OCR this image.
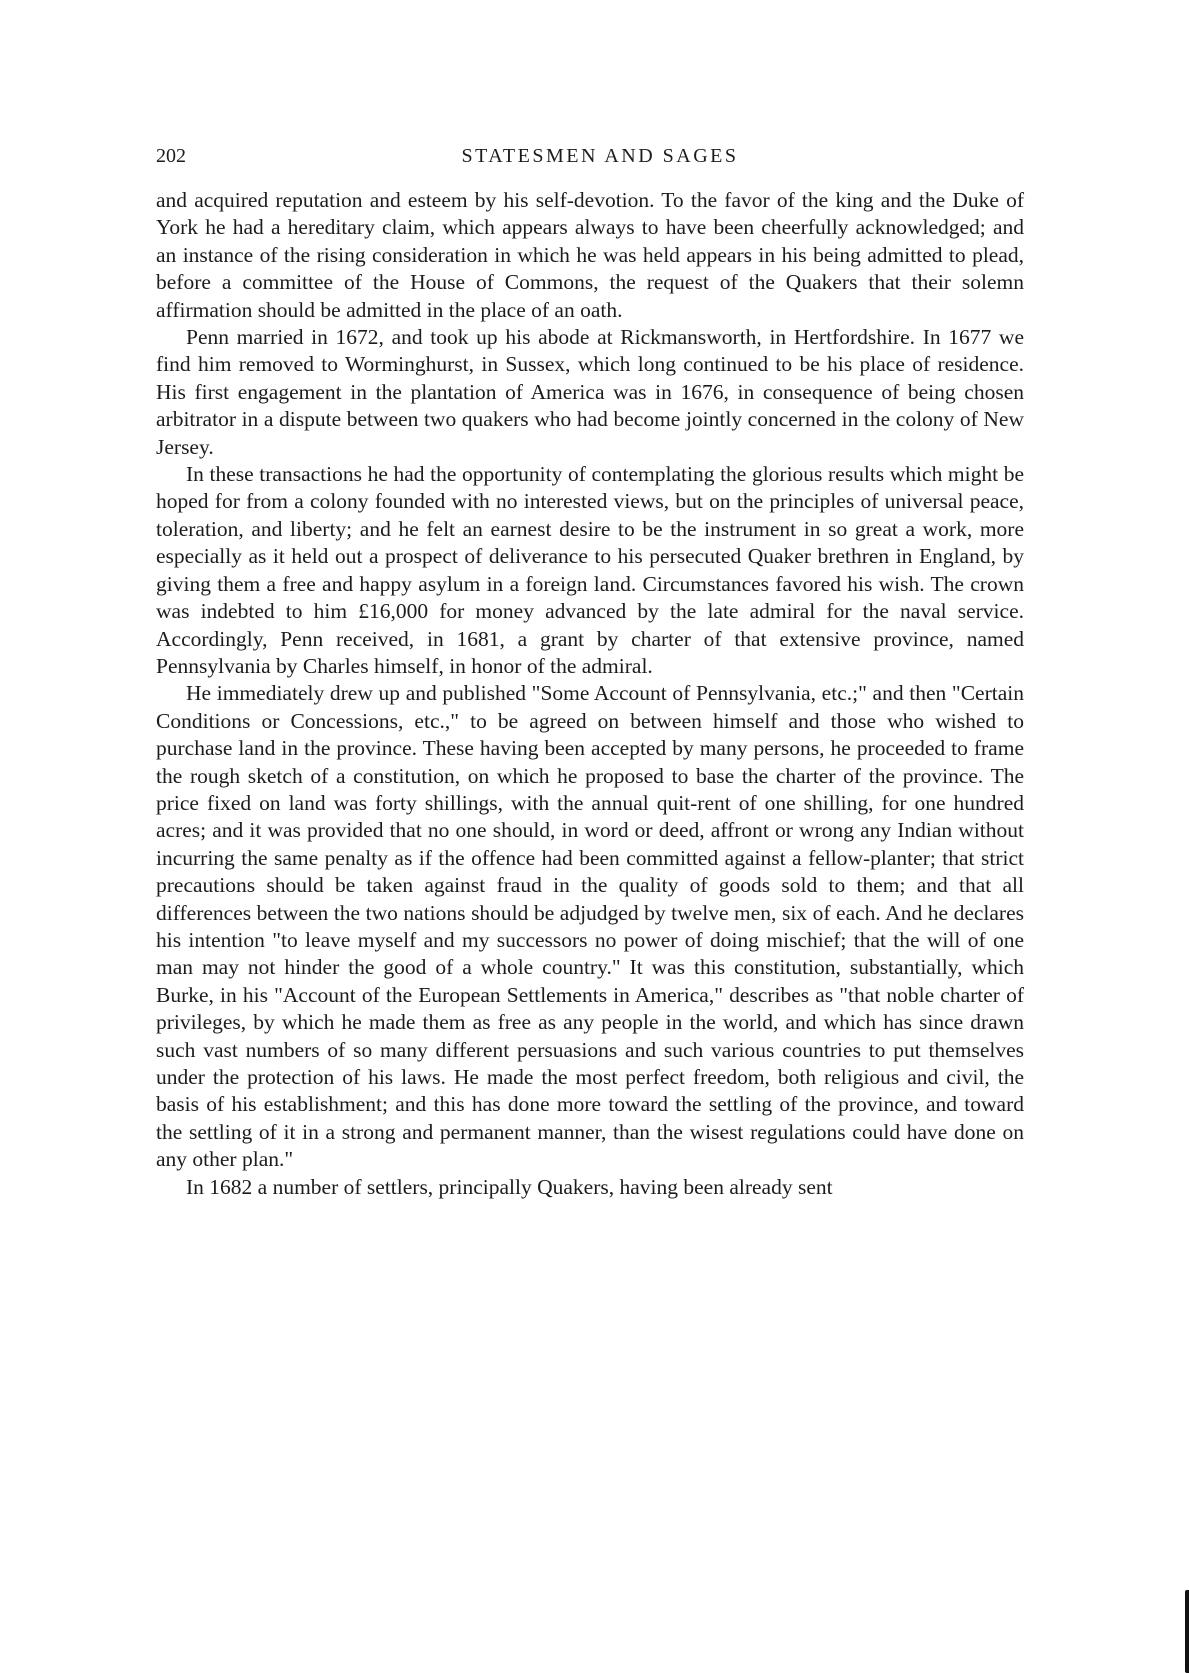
202	STATESMEN AND SAGES

and acquired reputation and esteem by his self-devotion. To the favor of the king and the Duke of York he had a hereditary claim, which appears always to have been cheerfully acknowledged; and an instance of the rising consideration in which he was held appears in his being admitted to plead, before a committee of the House of Commons, the request of the Quakers that their solemn affirmation should be admitted in the place of an oath.

Penn married in 1672, and took up his abode at Rickmansworth, in Hertfordshire. In 1677 we find him removed to Worminghurst, in Sussex, which long continued to be his place of residence. His first engagement in the plantation of America was in 1676, in consequence of being chosen arbitrator in a dispute between two quakers who had become jointly concerned in the colony of New Jersey.

In these transactions he had the opportunity of contemplating the glorious results which might be hoped for from a colony founded with no interested views, but on the principles of universal peace, toleration, and liberty; and he felt an earnest desire to be the instrument in so great a work, more especially as it held out a prospect of deliverance to his persecuted Quaker brethren in England, by giving them a free and happy asylum in a foreign land. Circumstances favored his wish. The crown was indebted to him £16,000 for money advanced by the late admiral for the naval service. Accordingly, Penn received, in 1681, a grant by charter of that extensive province, named Pennsylvania by Charles himself, in honor of the admiral.

He immediately drew up and published "Some Account of Pennsylvania, etc.;" and then "Certain Conditions or Concessions, etc.," to be agreed on between himself and those who wished to purchase land in the province. These having been accepted by many persons, he proceeded to frame the rough sketch of a constitution, on which he proposed to base the charter of the province. The price fixed on land was forty shillings, with the annual quit-rent of one shilling, for one hundred acres; and it was provided that no one should, in word or deed, affront or wrong any Indian without incurring the same penalty as if the offence had been committed against a fellow-planter; that strict precautions should be taken against fraud in the quality of goods sold to them; and that all differences between the two nations should be adjudged by twelve men, six of each. And he declares his intention "to leave myself and my successors no power of doing mischief; that the will of one man may not hinder the good of a whole country." It was this constitution, substantially, which Burke, in his "Account of the European Settlements in America," describes as "that noble charter of privileges, by which he made them as free as any people in the world, and which has since drawn such vast numbers of so many different persuasions and such various countries to put themselves under the protection of his laws. He made the most perfect freedom, both religious and civil, the basis of his establishment; and this has done more toward the settling of the province, and toward the settling of it in a strong and permanent manner, than the wisest regulations could have done on any other plan."

In 1682 a number of settlers, principally Quakers, having been already sent
